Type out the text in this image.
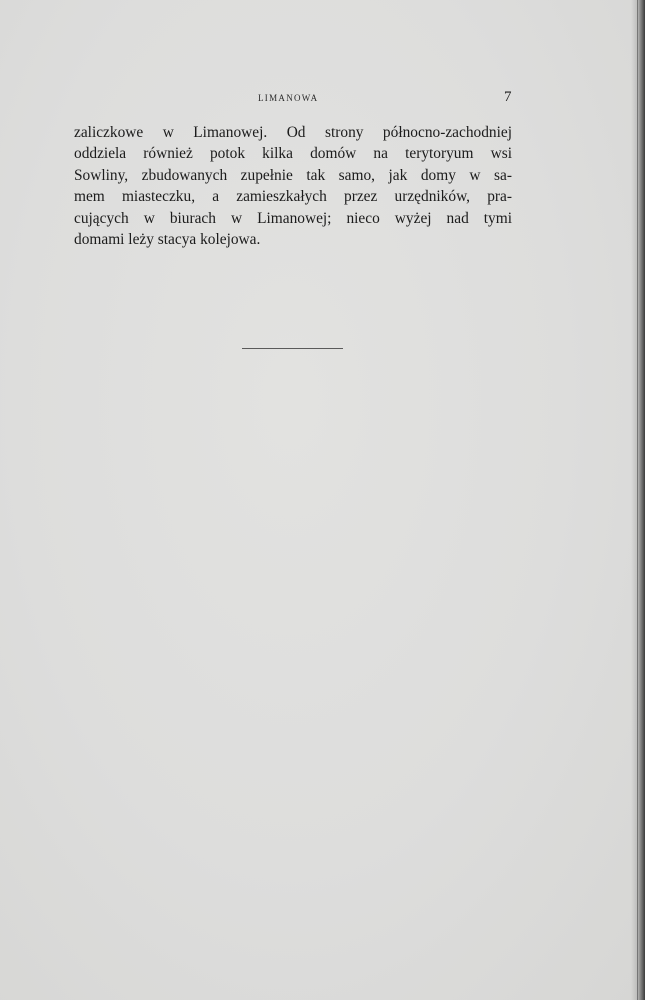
LIMANOWA	7
zaliczkowe w Limanowej. Od strony północno-zachodniej
oddziela również potok kilka domów na terytoryum wsi
Sowliny, zbudowanych zupełnie tak samo, jak domy w sa-
mem miasteczku, a zamieszkałych przez urzędników, pra-
cujących w biurach w Limanowej; nieco wyżej nad tymi
domami leży stacya kolejowa.
